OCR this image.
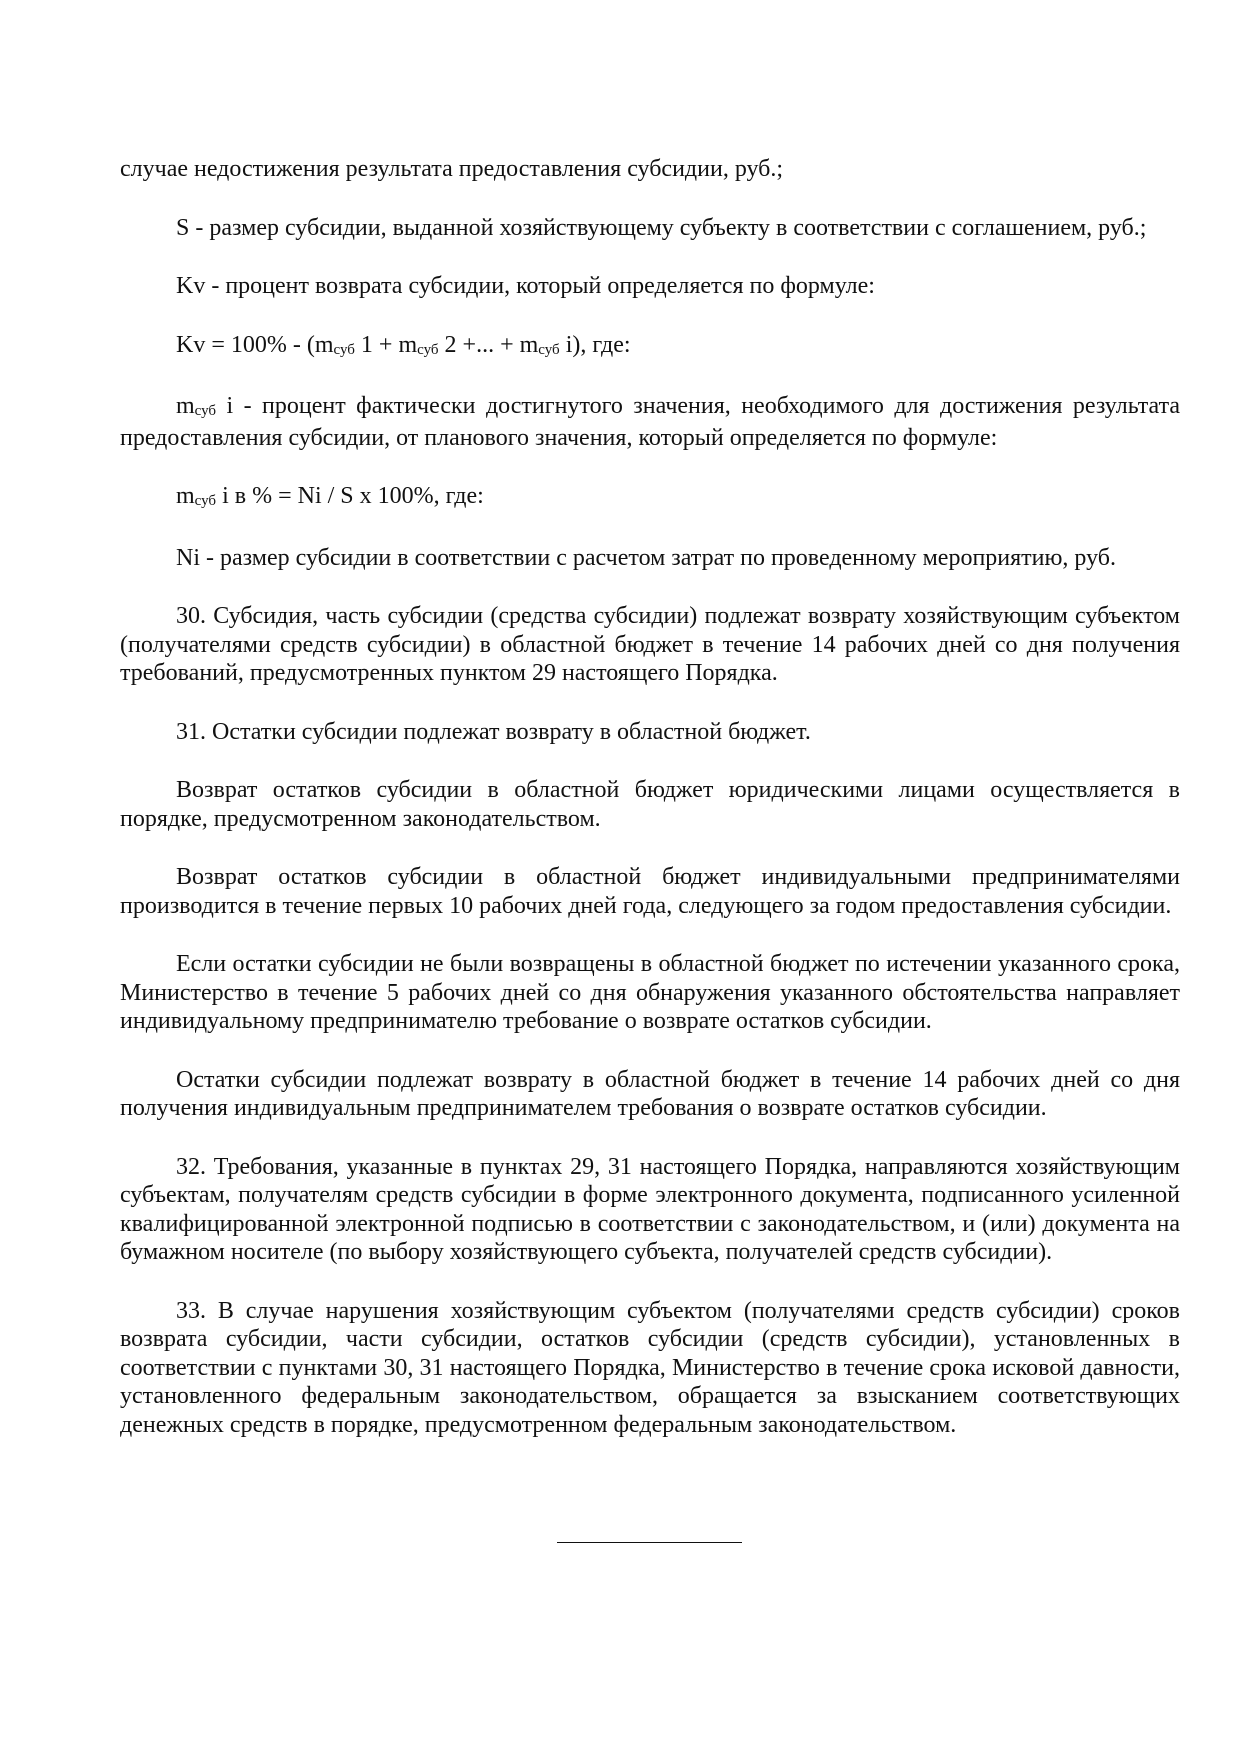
случае недостижения результата предоставления субсидии, руб.;

S - размер субсидии, выданной хозяйствующему субъекту в соответствии с соглашением, руб.;

Kv - процент возврата субсидии, который определяется по формуле:

Kv = 100% - (mсуб 1 + mсуб 2 +... + mсуб i), где:

mсуб i - процент фактически достигнутого значения, необходимого для достижения результата предоставления субсидии, от планового значения, который определяется по формуле:

mсуб i в % = Ni / S x 100%, где:

Ni - размер субсидии в соответствии с расчетом затрат по проведенному мероприятию, руб.

30. Субсидия, часть субсидии (средства субсидии) подлежат возврату хозяйствующим субъектом (получателями средств субсидии) в областной бюджет в течение 14 рабочих дней со дня получения требований, предусмотренных пунктом 29 настоящего Порядка.

31. Остатки субсидии подлежат возврату в областной бюджет.

Возврат остатков субсидии в областной бюджет юридическими лицами осуществляется в порядке, предусмотренном законодательством.

Возврат остатков субсидии в областной бюджет индивидуальными предпринимателями производится в течение первых 10 рабочих дней года, следующего за годом предоставления субсидии.

Если остатки субсидии не были возвращены в областной бюджет по истечении указанного срока, Министерство в течение 5 рабочих дней со дня обнаружения указанного обстоятельства направляет индивидуальному предпринимателю требование о возврате остатков субсидии.

Остатки субсидии подлежат возврату в областной бюджет в течение 14 рабочих дней со дня получения индивидуальным предпринимателем требования о возврате остатков субсидии.

32. Требования, указанные в пунктах 29, 31 настоящего Порядка, направляются хозяйствующим субъектам, получателям средств субсидии в форме электронного документа, подписанного усиленной квалифицированной электронной подписью в соответствии с законодательством, и (или) документа на бумажном носителе (по выбору хозяйствующего субъекта, получателей средств субсидии).

33. В случае нарушения хозяйствующим субъектом (получателями средств субсидии) сроков возврата субсидии, части субсидии, остатков субсидии (средств субсидии), установленных в соответствии с пунктами 30, 31 настоящего Порядка, Министерство в течение срока исковой давности, установленного федеральным законодательством, обращается за взысканием соответствующих денежных средств в порядке, предусмотренном федеральным законодательством.
